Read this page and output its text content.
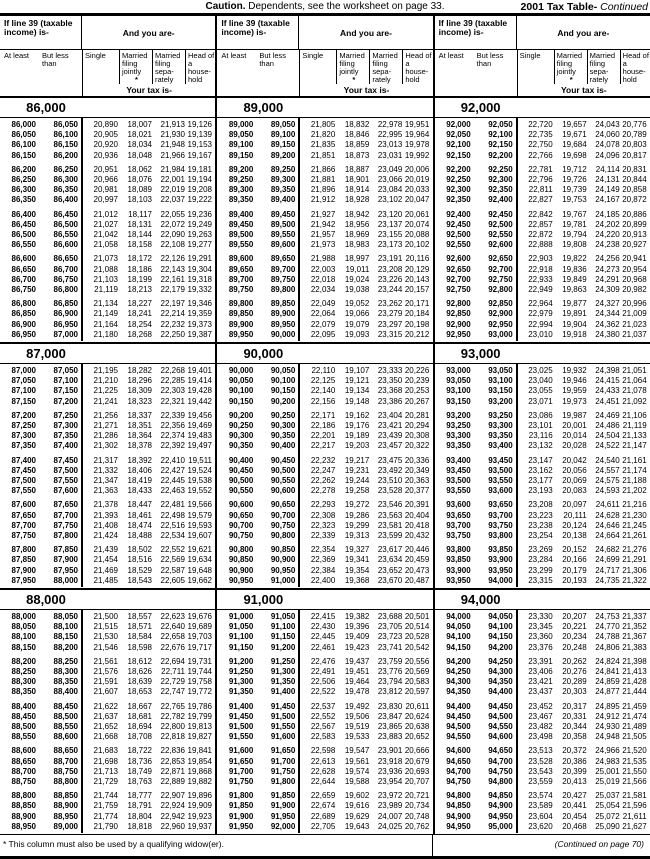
Caution. Dependents, see the worksheet on page 33.	2001 Tax Table- Continued
If line 39 (taxable income) is-	And you are-
At least	But less than
Single	Married filing jointly
*
Married filing sepa- rately
Head of a house- hold
Your tax is-
86,000
86,000	86,050	20,890	18,007	21,913 19,126
86,050	86,100	20,905	18,021	21,930 19,139
86,100	86,150	20,920	18,034	21,948 19,153
86,150	86,200	20,936	18,048	21,966 19,167
86,200	86,250	20,951	18,062	21,984 19,181
86,250	86,300	20,966	18,076	22,001 19,194
86,300	86,350	20,981	18,089	22,019 19,208
86,350	86,400	20,997	18,103	22,037 19,222
86,400	86,450	21,012	18,117	22,055 19,236
86,450	86,500	21,027	18,131	22,072 19,249
86,500	86,550	21,042	18,144	22,090 19,263
86,550	86,600	21,058	18,158	22,108 19,277
86,600	86,650	21,073	18,172	22,126 19,291
86,650	86,700	21,088	18,186	22,143 19,304
86,700	86,750	21,103	18,199	22,161 19,318
86,750	86,800	21,119	18,213	22,179 19,332
86,800	86,850	21,134	18,227	22,197 19,346
86,850	86,900	21,149	18,241	22,214 19,359
86,900	86,950	21,164	18,254	22,232 19,373
86,950	87,000	21,180	18,268	22,250 19,387
87,000
87,000	87,050	21,195	18,282	22,268 19,401
87,050	87,100	21,210	18,296	22,285 19,414
87,100	87,150	21,225	18,309	22,303 19,428
87,150	87,200	21,241	18,323	22,321 19,442
87,200	87,250	21,256	18,337	22,339 19,456
87,250	87,300	21,271	18,351	22,356 19,469
87,300	87,350	21,286	18,364	22,374 19,483
87,350	87,400	21,302	18,378	22,392 19,497
87,400	87,450	21,317	18,392	22,410 19,511
87,450	87,500	21,332	18,406	22,427 19,524
87,500	87,550	21,347	18,419	22,445 19,538
87,550	87,600	21,363	18,433	22,463 19,552
87,600	87,650	21,378	18,447	22,481 19,566
87,650	87,700	21,393	18,461	22,498 19,579
87,700	87,750	21,408	18,474	22,516 19,593
87,750	87,800	21,424	18,488	22,534 19,607
87,800	87,850	21,439	18,502	22,552 19,621
87,850	87,900	21,454	18,516	22,569 19,634
87,900	87,950	21,469	18,529	22,587 19,648
87,950	88,000	21,485	18,543	22,605 19,662
88,000
88,000	88,050	21,500	18,557	22,623 19,676
88,050	88,100	21,515	18,571	22,640 19,689
88,100	88,150	21,530	18,584	22,658 19,703
88,150	88,200	21,546	18,598	22,676 19,717
88,200	88,250	21,561	18,612	22,694 19,731
88,250	88,300	21,576	18,626	22,711 19,744
88,300	88,350	21,591	18,639	22,729 19,758
88,350	88,400	21,607	18,653	22,747 19,772
88,400	88,450	21,622	18,667	22,765 19,786
88,450	88,500	21,637	18,681	22,782 19,799
88,500	88,550	21,652	18,694	22,800 19,813
88,550	88,600	21,668	18,708	22,818 19,827
88,600	88,650	21,683	18,722	22,836 19,841
88,650	88,700	21,698	18,736	22,853 19,854
88,700	88,750	21,713	18,749	22,871 19,868
88,750	88,800	21,729	18,763	22,889 19,882
88,800	88,850	21,744	18,777	22,907 19,896
88,850	88,900	21,759	18,791	22,924 19,909
88,900	88,950	21,774	18,804	22,942 19,923
88,950	89,000	21,790	18,818	22,960 19,937
If line 39 (taxable income) is-	And you are-
At least	But less than
Single	Married filing jointly
*
Married filing sepa- rately
Head of a house- hold
Your tax is-
89,000
89,000	89,050	21,805	18,832	22,978 19,951
89,050	89,100	21,820	18,846	22,995 19,964
89,100	89,150	21,835	18,859	23,013 19,978
89,150	89,200	21,851	18,873	23,031 19,992
89,200	89,250	21,866	18,887	23,049 20,006
89,250	89,300	21,881	18,901	23,066 20,019
89,300	89,350	21,896	18,914	23,084 20,033
89,350	89,400	21,912	18,928	23,102 20,047
89,400	89,450	21,927	18,942	23,120 20,061
89,450	89,500	21,942	18,956	23,137 20,074
89,500	89,550	21,957	18,969	23,155 20,088
89,550	89,600	21,973	18,983	23,173 20,102
89,600	89,650	21,988	18,997	23,191 20,116
89,650	89,700	22,003	19,011	23,208 20,129
89,700	89,750	22,018	19,024	23,226 20,143
89,750	89,800	22,034	19,038	23,244 20,157
89,800	89,850	22,049	19,052	23,262 20,171
89,850	89,900	22,064	19,066	23,279 20,184
89,900	89,950	22,079	19,079	23,297 20,198
89,950	90,000	22,095	19,093	23,315 20,212
90,000
90,000	90,050	22,110	19,107	23,333 20,226
90,050	90,100	22,125	19,121	23,350 20,239
90,100	90,150	22,140	19,134	23,368 20,253
90,150	90,200	22,156	19,148	23,386 20,267
90,200	90,250	22,171	19,162	23,404 20,281
90,250	90,300	22,186	19,176	23,421 20,294
90,300	90,350	22,201	19,189	23,439 20,308
90,350	90,400	22,217	19,203	23,457 20,322
90,400	90,450	22,232	19,217	23,475 20,336
90,450	90,500	22,247	19,231	23,492 20,349
90,500	90,550	22,262	19,244	23,510 20,363
90,550	90,600	22,278	19,258	23,528 20,377
90,600	90,650	22,293	19,272	23,546 20,391
90,650	90,700	22,308	19,286	23,563 20,404
90,700	90,750	22,323	19,299	23,581 20,418
90,750	90,800	22,339	19,313	23,599 20,432
90,800	90,850	22,354	19,327	23,617 20,446
90,850	90,900	22,369	19,341	23,634 20,459
90,900	90,950	22,384	19,354	23,652 20,473
90,950	91,000	22,400	19,368	23,670 20,487
91,000
91,000	91,050	22,415	19,382	23,688 20,501
91,050	91,100	22,430	19,396	23,705 20,514
91,100	91,150	22,445	19,409	23,723 20,528
91,150	91,200	22,461	19,423	23,741 20,542
91,200	91,250	22,476	19,437	23,759 20,556
91,250	91,300	22,491	19,451	23,776 20,569
91,300	91,350	22,506	19,464	23,794 20,583
91,350	91,400	22,522	19,478	23,812 20,597
91,400	91,450	22,537	19,492	23,830 20,611
91,450	91,500	22,552	19,506	23,847 20,624
91,500	91,550	22,567	19,519	23,865 20,638
91,550	91,600	22,583	19,533	23,883 20,652
91,600	91,650	22,598	19,547	23,901 20,666
91,650	91,700	22,613	19,561	23,918 20,679
91,700	91,750	22,628	19,574	23,936 20,693
91,750	91,800	22,644	19,588	23,954 20,707
91,800	91,850	22,659	19,602	23,972 20,721
91,850	91,900	22,674	19,616	23,989 20,734
91,900	91,950	22,689	19,629	24,007 20,748
91,950	92,000	22,705	19,643	24,025 20,762
If line 39 (taxable income) is-	And you are-
At least	But less than
Single	Married filing jointly
*
Married filing sepa- rately
Head of a house- hold
Your tax is-
92,000
92,000	92,050	22,720	19,657	24,043 20,776
92,050	92,100	22,735	19,671	24,060 20,789
92,100	92,150	22,750	19,684	24,078 20,803
92,150	92,200	22,766	19,698	24,096 20,817
92,200	92,250	22,781	19,712	24,114 20,831
92,250	92,300	22,796	19,726	24,131 20,844
92,300	92,350	22,811	19,739	24,149 20,858
92,350	92,400	22,827	19,753	24,167 20,872
92,400	92,450	22,842	19,767	24,185 20,886
92,450	92,500	22,857	19,781	24,202 20,899
92,500	92,550	22,872	19,794	24,220 20,913
92,550	92,600	22,888	19,808	24,238 20,927
92,600	92,650	22,903	19,822	24,256 20,941
92,650	92,700	22,918	19,836	24,273 20,954
92,700	92,750	22,933	19,849	24,291 20,968
92,750	92,800	22,949	19,863	24,309 20,982
92,800	92,850	22,964	19,877	24,327 20,996
92,850	92,900	22,979	19,891	24,344 21,009
92,900	92,950	22,994	19,904	24,362 21,023
92,950	93,000	23,010	19,918	24,380 21,037
93,000
93,000	93,050	23,025	19,932	24,398 21,051
93,050	93,100	23,040	19,946	24,415 21,064
93,100	93,150	23,055	19,959	24,433 21,078
93,150	93,200	23,071	19,973	24,451 21,092
93,200	93,250	23,086	19,987	24,469 21,106
93,250	93,300	23,101	20,001	24,486 21,119
93,300	93,350	23,116	20,014	24,504 21,133
93,350	93,400	23,132	20,028	24,522 21,147
93,400	93,450	23,147	20,042	24,540 21,161
93,450	93,500	23,162	20,056	24,557 21,174
93,500	93,550	23,177	20,069	24,575 21,188
93,550	93,600	23,193	20,083	24,593 21,202
93,600	93,650	23,208	20,097	24,611 21,216
93,650	93,700	23,223	20,111	24,628 21,230
93,700	93,750	23,238	20,124	24,646 21,245
93,750	93,800	23,254	20,138	24,664 21,261
93,800	93,850	23,269	20,152	24,682 21,276
93,850	93,900	23,284	20,166	24,699 21,291
93,900	93,950	23,299	20,179	24,717 21,306
93,950	94,000	23,315	20,193	24,735 21,322
94,000
94,000	94,050	23,330	20,207	24,753 21,337
94,050	94,100	23,345	20,221	24,770 21,352
94,100	94,150	23,360	20,234	24,788 21,367
94,150	94,200	23,376	20,248	24,806 21,383
94,200	94,250	23,391	20,262	24,824 21,398
94,250	94,300	23,406	20,276	24,841 21,413
94,300	94,350	23,421	20,289	24,859 21,428
94,350	94,400	23,437	20,303	24,877 21,444
94,400	94,450	23,452	20,317	24,895 21,459
94,450	94,500	23,467	20,331	24,912 21,474
94,500	94,550	23,482	20,344	24,930 21,489
94,550	94,600	23,498	20,358	24,948 21,505
94,600	94,650	23,513	20,372	24,966 21,520
94,650	94,700	23,528	20,386	24,983 21,535
94,700	94,750	23,543	20,399	25,001 21,550
94,750	94,800	23,559	20,413	25,019 21,566
94,800	94,850	23,574	20,427	25,037 21,581
94,850	94,900	23,589	20,441	25,054 21,596
94,900	94,950	23,604	20,454	25,072 21,611
94,950	95,000	23,620	20,468	25,090 21,627
* This column must also be used by a qualifying widow(er).	(Continued on page 70)
